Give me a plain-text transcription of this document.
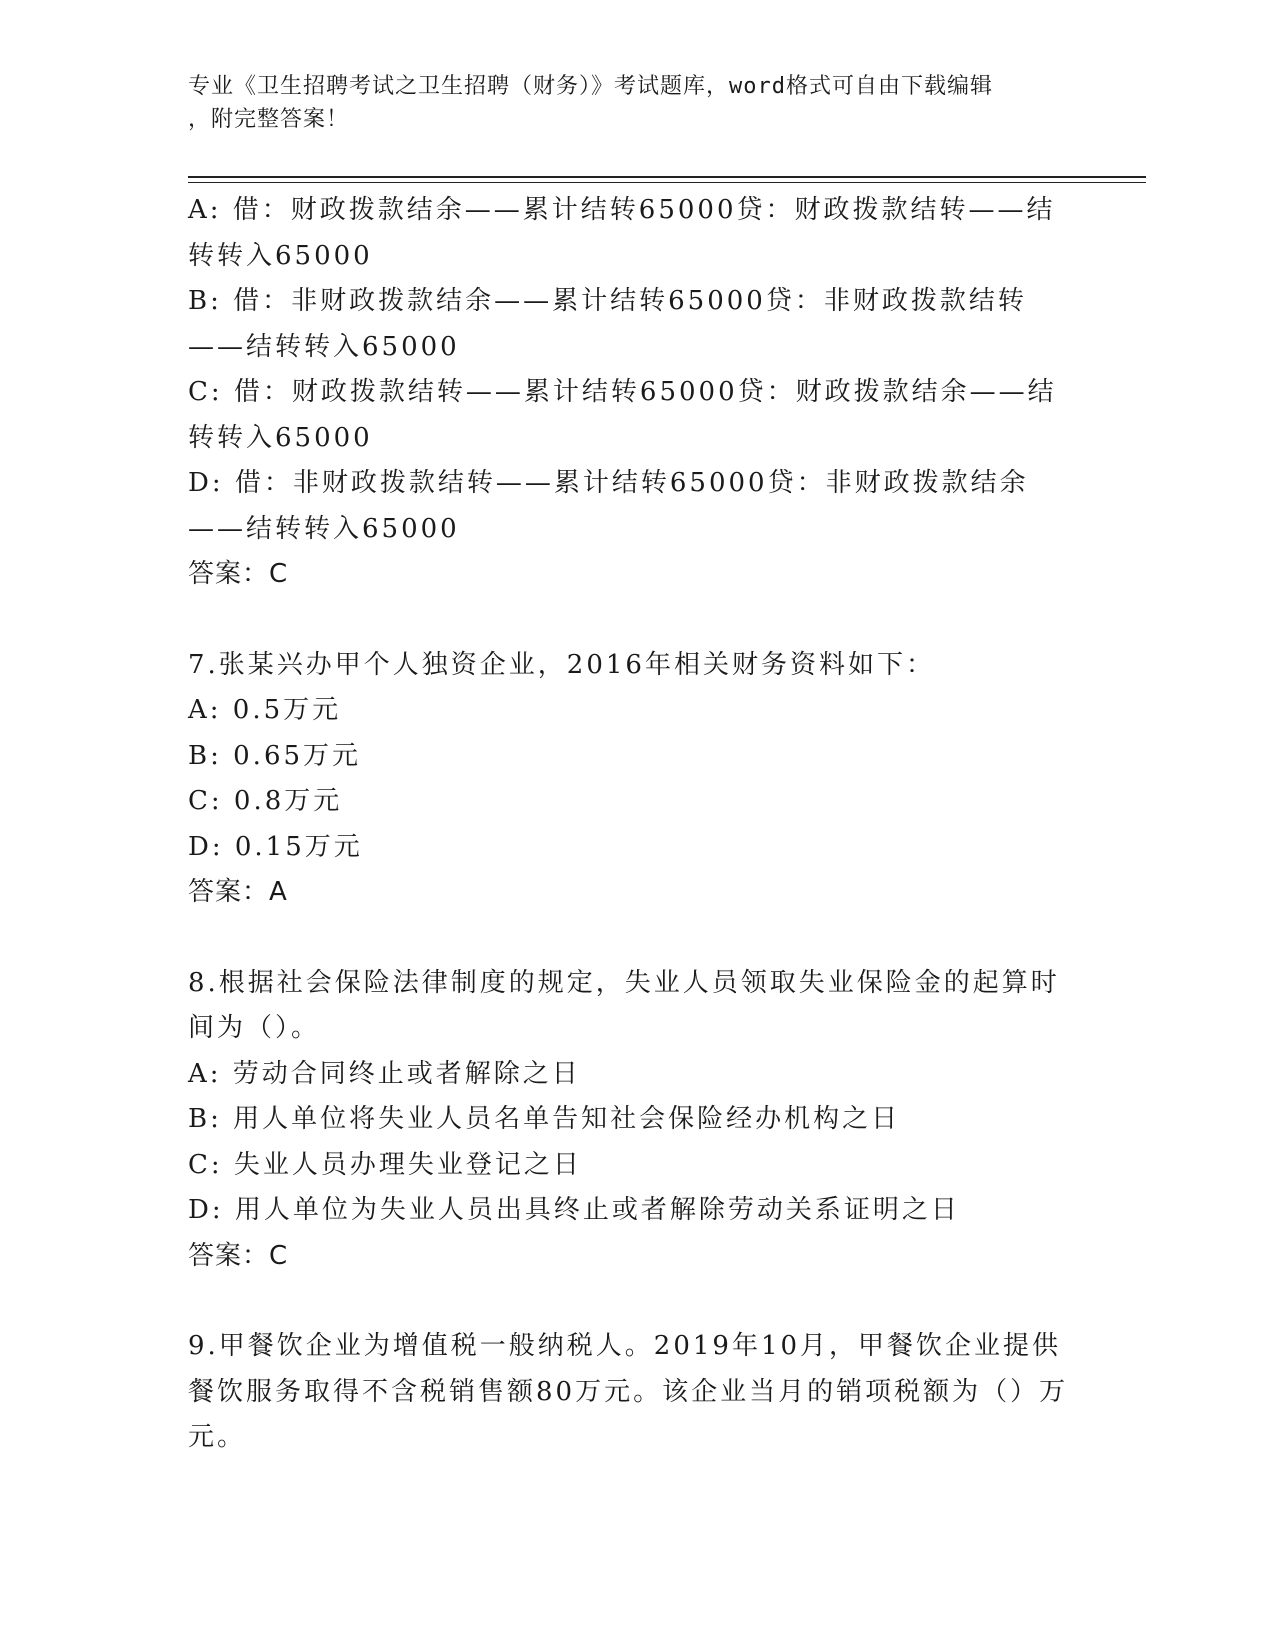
专业《卫生招聘考试之卫生招聘（财务）》考试题库，word格式可自由下载编辑
，附完整答案！

A: 借：财政拨款结余——累计结转65000贷：财政拨款结转——结转转入65000

B: 借：非财政拨款结余——累计结转65000贷：非财政拨款结转——结转转入65000

C: 借：财政拨款结转——累计结转65000贷：财政拨款结余——结转转入65000

D: 借：非财政拨款结转——累计结转65000贷：非财政拨款结余——结转转入65000

答案：C

7.张某兴办甲个人独资企业，2016年相关财务资料如下：

A: 0.5万元

B: 0.65万元

C: 0.8万元

D: 0.15万元

答案：A

8.根据社会保险法律制度的规定，失业人员领取失业保险金的起算时间为（）。

A: 劳动合同终止或者解除之日

B: 用人单位将失业人员名单告知社会保险经办机构之日

C: 失业人员办理失业登记之日

D: 用人单位为失业人员出具终止或者解除劳动关系证明之日

答案：C

9.甲餐饮企业为增值税一般纳税人。2019年10月，甲餐饮企业提供餐饮服务取得不含税销售额80万元。该企业当月的销项税额为（）万元。
